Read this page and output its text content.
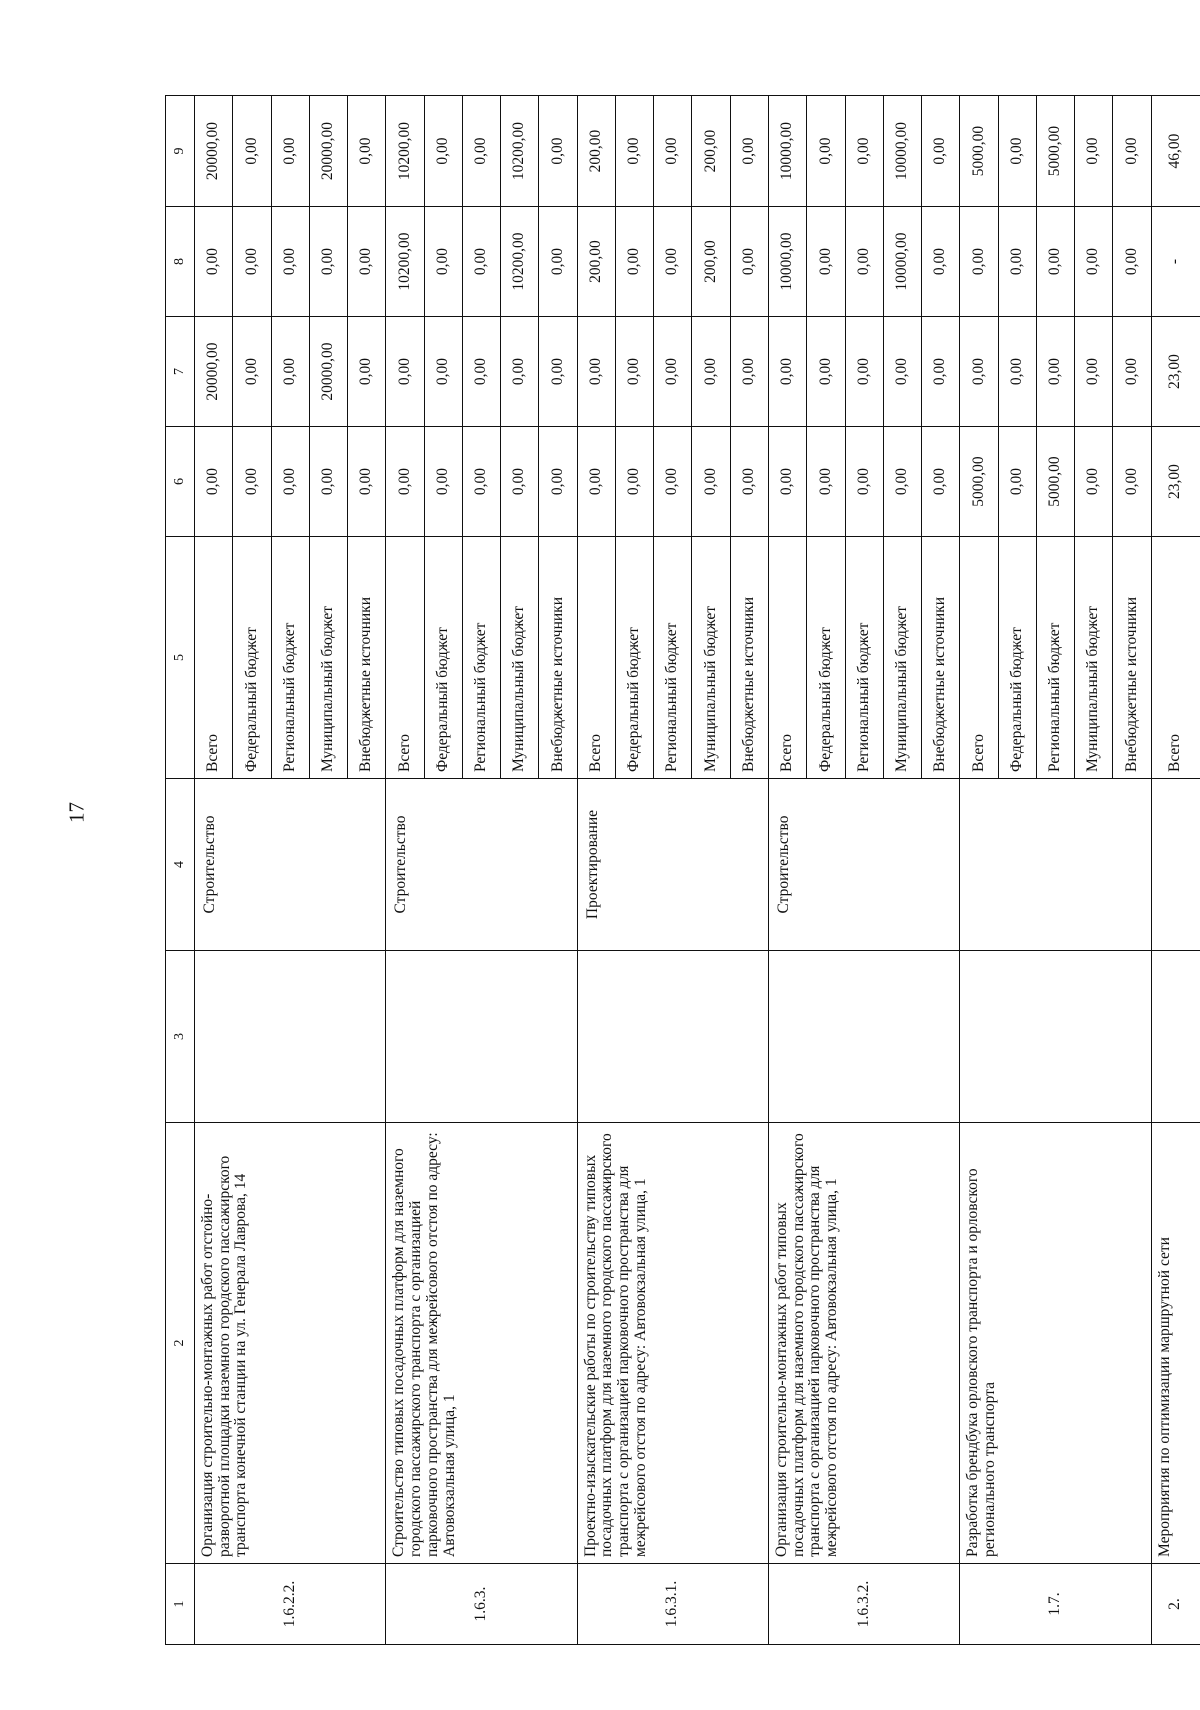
17
1	2	3	4	5	6	7	8	9
1.6.2.2.	Организация строительно-монтажных работ отстойно-разворотной площадки наземного городского пассажирского транспорта конечной станции на ул. Генерала Лаврова, 14		Строительство	Всего	0,00	20000,00	0,00	20000,00
				Федеральный бюджет	0,00	0,00	0,00	0,00
				Региональный бюджет	0,00	0,00	0,00	0,00
				Муниципальный бюджет	0,00	20000,00	0,00	20000,00
				Внебюджетные источники	0,00	0,00	0,00	0,00
1.6.3.	Строительство типовых посадочных платформ для наземного городского пассажирского транспорта с организацией парковочного пространства для межрейсового отстоя по адресу: Автовокзальная улица, 1		Строительство	Всего	0,00	0,00	10200,00	10200,00
				Федеральный бюджет	0,00	0,00	0,00	0,00
				Региональный бюджет	0,00	0,00	0,00	0,00
				Муниципальный бюджет	0,00	0,00	10200,00	10200,00
				Внебюджетные источники	0,00	0,00	0,00	0,00
1.6.3.1.	Проектно-изыскательские работы по строительству типовых посадочных платформ для наземного городского пассажирского транспорта с организацией парковочного пространства для межрейсового отстоя по адресу: Автовокзальная улица, 1		Проектирование	Всего	0,00	0,00	200,00	200,00
				Федеральный бюджет	0,00	0,00	0,00	0,00
				Региональный бюджет	0,00	0,00	0,00	0,00
				Муниципальный бюджет	0,00	0,00	200,00	200,00
				Внебюджетные источники	0,00	0,00	0,00	0,00
1.6.3.2.	Организация строительно-монтажных работ типовых посадочных платформ для наземного городского пассажирского транспорта с организацией парковочного пространства для межрейсового отстоя по адресу: Автовокзальная улица, 1		Строительство	Всего	0,00	0,00	10000,00	10000,00
				Федеральный бюджет	0,00	0,00	0,00	0,00
				Региональный бюджет	0,00	0,00	0,00	0,00
				Муниципальный бюджет	0,00	0,00	10000,00	10000,00
				Внебюджетные источники	0,00	0,00	0,00	0,00
1.7.	Разработка брендбука орловского транспорта и орловского регионального транспорта			Всего	5000,00	0,00	0,00	5000,00
				Федеральный бюджет	0,00	0,00	0,00	0,00
				Региональный бюджет	5000,00	0,00	0,00	5000,00
				Муниципальный бюджет	0,00	0,00	0,00	0,00
				Внебюджетные источники	0,00	0,00	0,00	0,00
2.	Мероприятия по оптимизации маршрутной сети			Всего	23,00	23,00	-	46,00
